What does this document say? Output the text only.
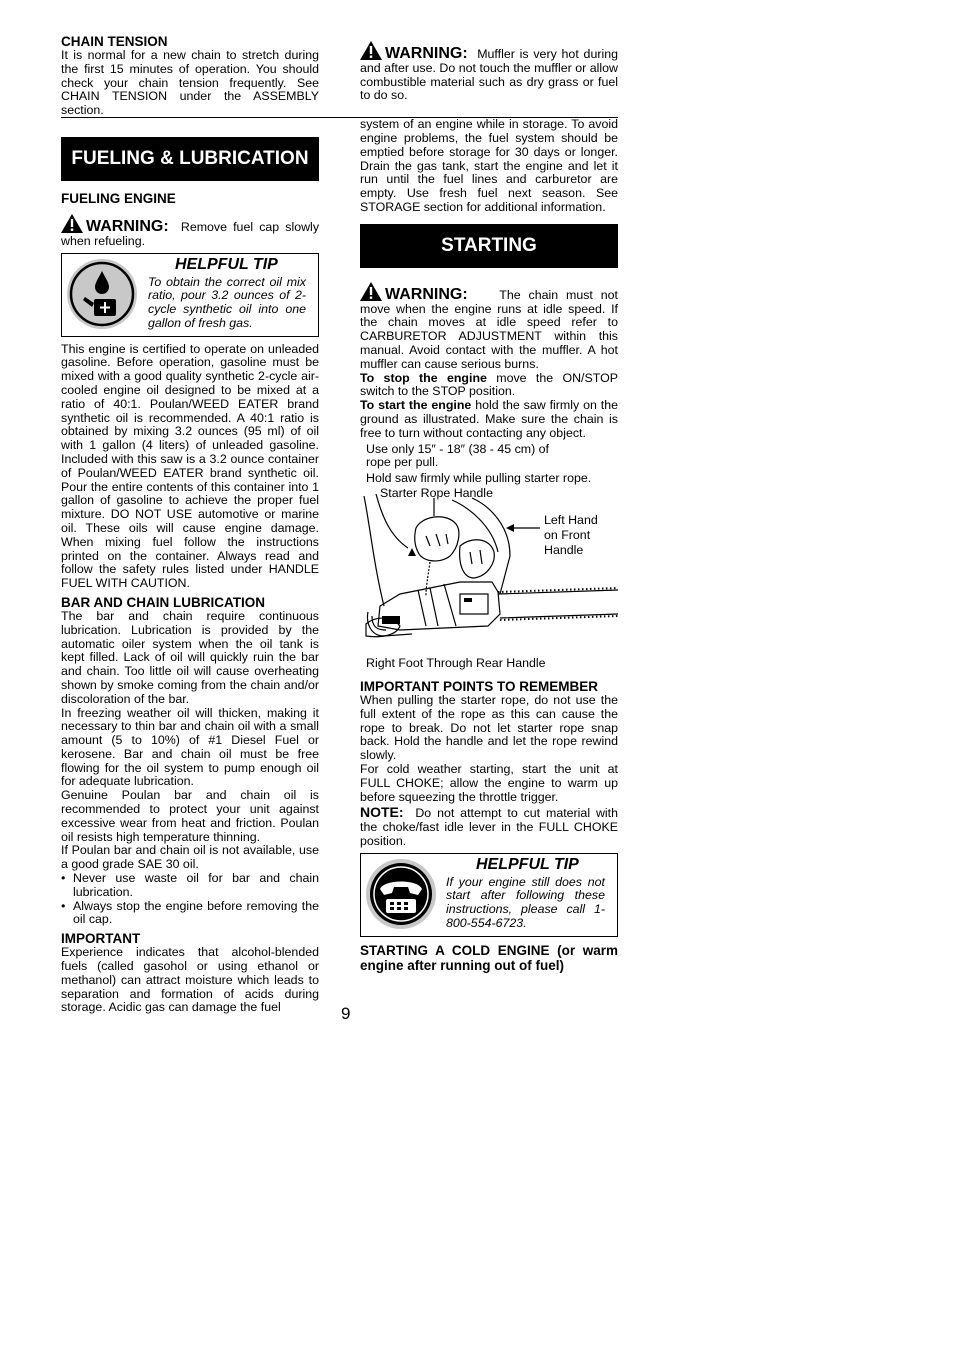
CHAIN TENSION

It is normal for a new chain to stretch during the first 15 minutes of operation. You should check your chain tension frequently. See CHAIN TENSION under the ASSEMBLY section.

FUELING & LUBRICATION
FUELING ENGINE

WARNING: Remove fuel cap slowly when refueling.

HELPFUL TIP
To obtain the correct oil mix ratio, pour 3.2 ounces of 2-cycle synthetic oil into one gallon of fresh gas.

This engine is certified to operate on unleaded gasoline. Before operation, gasoline must be mixed with a good quality synthetic 2-cycle air-cooled engine oil designed to be mixed at a ratio of 40:1. Poulan/WEED EATER brand synthetic oil is recommended. A 40:1 ratio is obtained by mixing 3.2 ounces (95 ml) of oil with 1 gallon (4 liters) of unleaded gasoline. Included with this saw is a 3.2 ounce container of Poulan/WEED EATER brand synthetic oil. Pour the entire contents of this container into 1 gallon of gasoline to achieve the proper fuel mixture. DO NOT USE automotive or marine oil. These oils will cause engine damage. When mixing fuel follow the instructions printed on the container. Always read and follow the safety rules listed under HANDLE FUEL WITH CAUTION.

BAR AND CHAIN LUBRICATION

The bar and chain require continuous lubrication. Lubrication is provided by the automatic oiler system when the oil tank is kept filled. Lack of oil will quickly ruin the bar and chain. Too little oil will cause overheating shown by smoke coming from the chain and/or discoloration of the bar.

In freezing weather oil will thicken, making it necessary to thin bar and chain oil with a small amount (5 to 10%) of #1 Diesel Fuel or kerosene. Bar and chain oil must be free flowing for the oil system to pump enough oil for adequate lubrication.

Genuine Poulan bar and chain oil is recommended to protect your unit against excessive wear from heat and friction. Poulan oil resists high temperature thinning.

If Poulan bar and chain oil is not available, use a good grade SAE 30 oil.

• Never use waste oil for bar and chain lubrication.
• Always stop the engine before removing the oil cap.
IMPORTANT

Experience indicates that alcohol-blended fuels (called gasohol or using ethanol or methanol) can attract moisture which leads to separation and formation of acids during storage. Acidic gas can damage the fuel

WARNING: Muffler is very hot during and after use. Do not touch the muffler or allow combustible material such as dry grass or fuel to do so.

system of an engine while in storage. To avoid engine problems, the fuel system should be emptied before storage for 30 days or longer. Drain the gas tank, start the engine and let it run until the fuel lines and carburetor are empty. Use fresh fuel next season. See STORAGE section for additional information.

STARTING

WARNING:	The chain must not move when the engine runs at idle speed. If the chain moves at idle speed refer to CARBURETOR ADJUSTMENT within this manual. Avoid contact with the muffler. A hot muffler can cause serious burns.

To stop the engine move the ON/STOP switch to the STOP position.

To start the engine hold the saw firmly on the ground as illustrated. Make sure the chain is free to turn without contacting any object.

Use only 15″ - 18″ (38 - 45 cm) of
rope per pull.
Hold saw firmly while pulling starter rope.
Starter Rope Handle
Left Hand
on Front
Handle
Right Foot Through Rear Handle
IMPORTANT POINTS TO REMEMBER

When pulling the starter rope, do not use the full extent of the rope as this can cause the rope to break. Do not let starter rope snap back. Hold the handle and let the rope rewind slowly.

For cold weather starting, start the unit at FULL CHOKE; allow the engine to warm up before squeezing the throttle trigger.

NOTE: Do not attempt to cut material with the choke/fast idle lever in the FULL CHOKE position.

HELPFUL TIP
If your engine still does not start after following these instructions, please call 1-800-554-6723.

STARTING A COLD ENGINE (or warm engine after running out of fuel)

9
